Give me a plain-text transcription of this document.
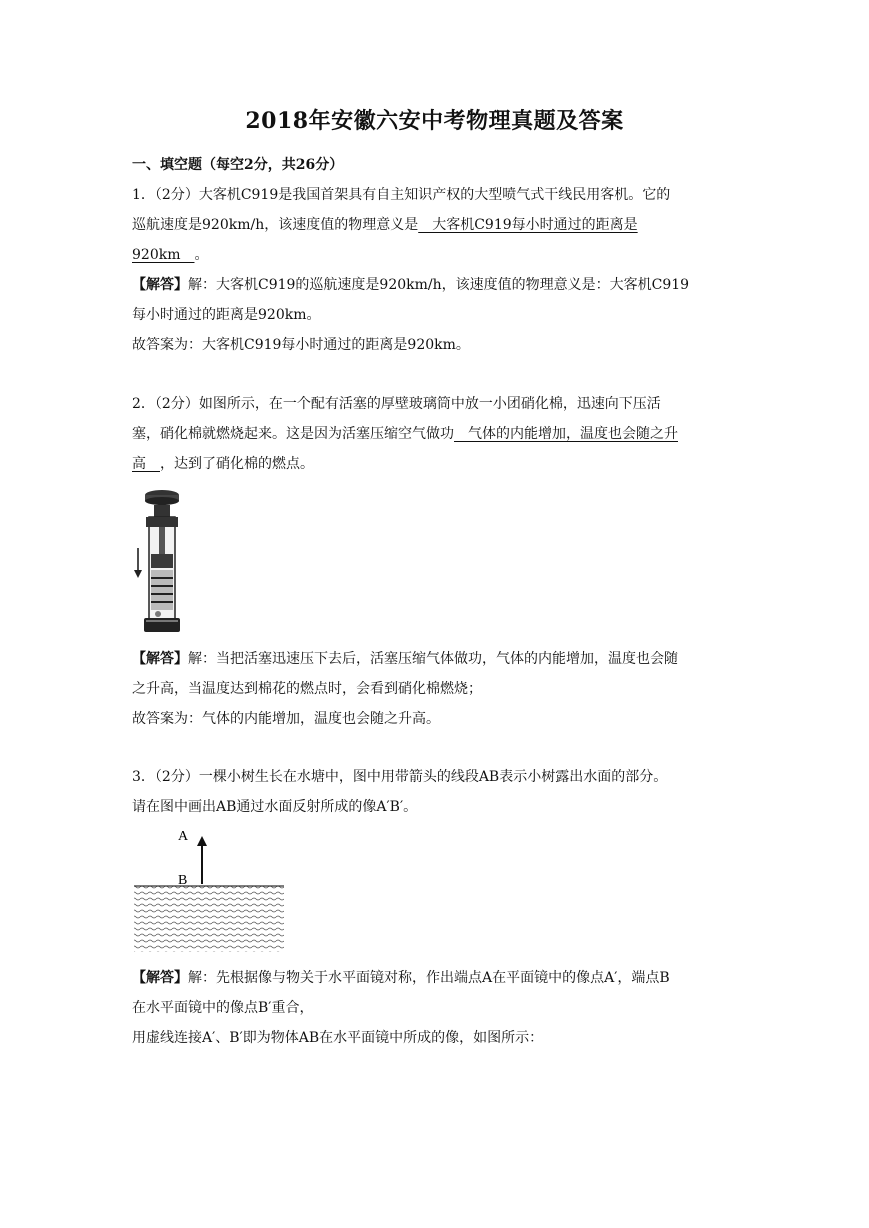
2018年安徽六安中考物理真题及答案
一、填空题（每空2分，共26分）
1．（2分）大客机C919是我国首架具有自主知识产权的大型喷气式干线民用客机。它的
巡航速度是920km/h，该速度值的物理意义是　大客机C919每小时通过的距离是
920km　。
【解答】解：大客机C919的巡航速度是920km/h，该速度值的物理意义是：大客机C919
每小时通过的距离是920km。
故答案为：大客机C919每小时通过的距离是920km。
2．（2分）如图所示，在一个配有活塞的厚壁玻璃筒中放一小团硝化棉，迅速向下压活
塞，硝化棉就燃烧起来。这是因为活塞压缩空气做功　气体的内能增加，温度也会随之升
高　，达到了硝化棉的燃点。
【解答】解：当把活塞迅速压下去后，活塞压缩气体做功，气体的内能增加，温度也会随
之升高，当温度达到棉花的燃点时，会看到硝化棉燃烧；
故答案为：气体的内能增加，温度也会随之升高。
3．（2分）一棵小树生长在水塘中，图中用带箭头的线段AB表示小树露出水面的部分。
请在图中画出AB通过水面反射所成的像A′B′。
A
B
【解答】解：先根据像与物关于水平面镜对称，作出端点A在平面镜中的像点A′，端点B
在水平面镜中的像点B′重合，
用虚线连接A′、B′即为物体AB在水平面镜中所成的像，如图所示：
